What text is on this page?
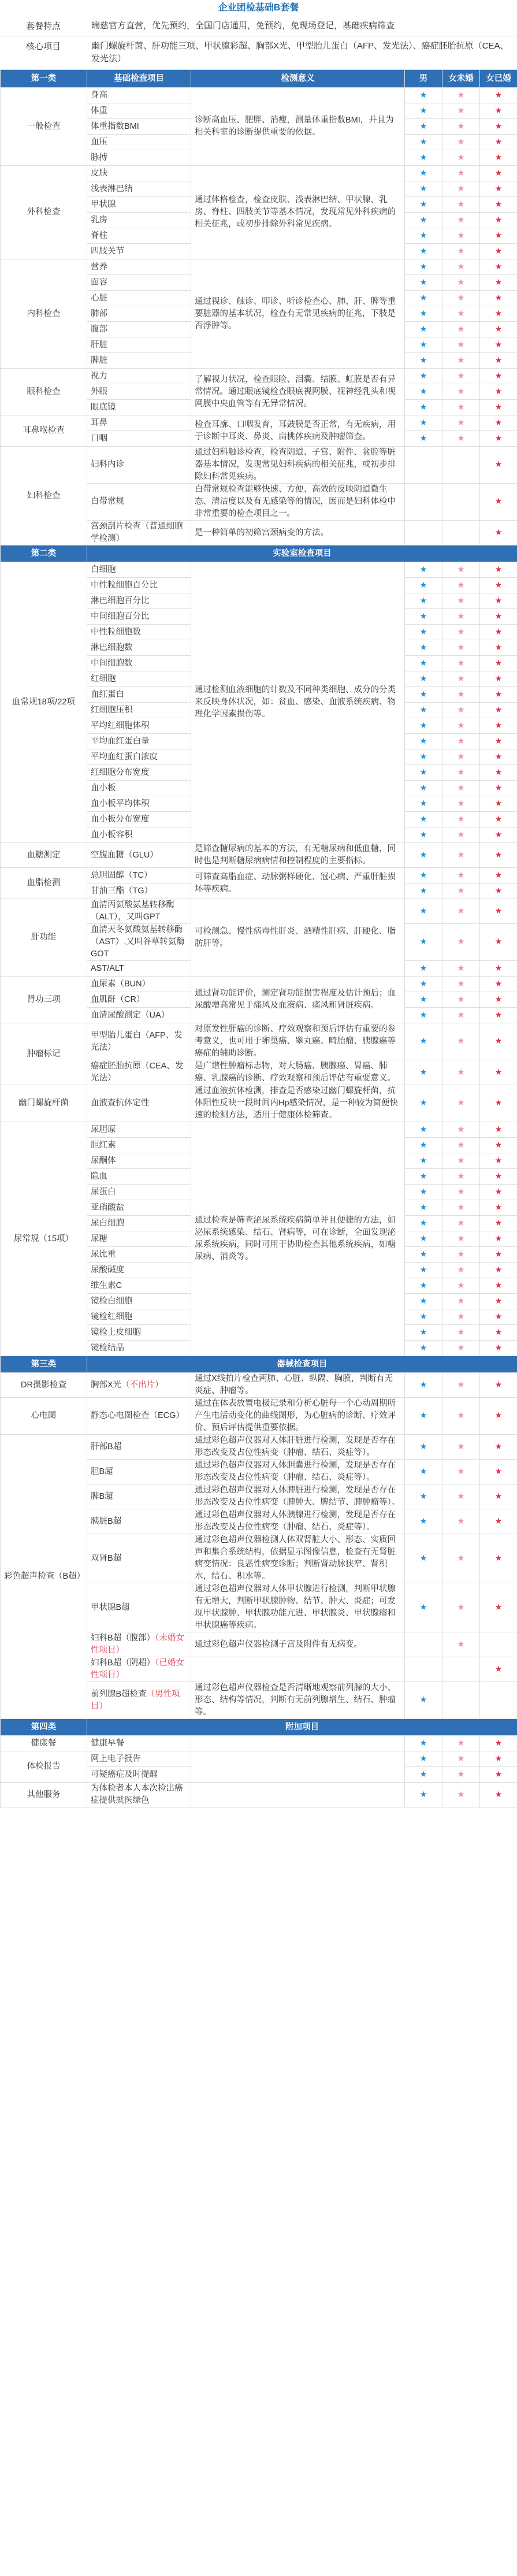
企业团检基础B套餐
套餐特点	瑞慈官方直营，优先预约，全国门店通用，免预约，免现场登记，基础疾病筛查
核心项目	幽门螺旋杆菌、肝功能三项、甲状腺彩超、胸部X光、甲型胎儿蛋白（AFP、发光法）、癌症胚胎抗原（CEA、发光法）
第一类	基础检查项目	检测意义	男	女未婚	女已婚
一般检查	身高	诊断高血压、肥胖、消瘦，测量体重指数BMI，并且为相关科室的诊断提供重要的依据。	★	★	★
	体重		★	★	★
	体重指数BMI		★	★	★
	血压		★	★	★
	脉搏		★	★	★
外科检查	皮肤	通过体格检查，检查皮肤、浅表淋巴结、甲状腺、乳房、脊柱、四肢关节等基本情况，发现常见外科疾病的相关征兆，或初步排除外科常见疾病。	★	★	★
	浅表淋巴结		★	★	★
	甲状腺		★	★	★
	乳房		★	★	★
	脊柱		★	★	★
	四肢关节		★	★	★
内科检查	营养	通过视诊、触诊、叩诊、听诊检查心、肺、肝、脾等重要脏器的基本状况，检查有无常见疾病的征兆，下肢是否浮肿等。	★	★	★
	面容		★	★	★
	心脏		★	★	★
	肺部		★	★	★
	腹部		★	★	★
	肝脏		★	★	★
	脾脏		★	★	★
眼科检查	视力	了解视力状况，检查眼睑、泪囊、结膜、虹膜是否有异常情况。通过眼底镜检查眼底视网膜、视神经乳头和视网膜中央血管等有无异常情况。	★	★	★
	外眼		★	★	★
	眼底镜		★	★	★
耳鼻喉检查	耳鼻	检查耳廓、口咽发育，耳鼓膜是否正常，有无疾病，用于诊断中耳炎、鼻炎、扁桃体疾病及肿瘤筛查。	★	★	★
	口咽		★	★	★
妇科检查	妇科内诊	通过妇科触诊检查，检查阴道、子宫、附件、盆腔等脏器基本情况，发现常见妇科疾病的相关征兆，或初步排除妇科常见疾病。			★
	白带常规	白带常规检查能够快速、方便、高效的反映阴道微生态、清洁度以及有无感染等的情况，因而是妇科体检中非常重要的检查项目之一。			★
	宫颈刮片检查（普通细胞学检测）	是一种简单的初筛宫颈病变的方法。			★
第二类	实验室检查项目				
血常规18项/22项	白细胞	通过检测血液细胞的计数及不同种类细胞、成分的分类来反映身体状况，如：贫血、感染、血液系统疾病、物理化学因素损伤等。	★	★	★
	中性粒细胞百分比		★	★	★
	淋巴细胞百分比		★	★	★
	中间细胞百分比		★	★	★
	中性粒细胞数		★	★	★
	淋巴细胞数		★	★	★
	中间细胞数		★	★	★
	红细胞		★	★	★
	血红蛋白		★	★	★
	红细胞压积		★	★	★
	平均红细胞体积		★	★	★
	平均血红蛋白量		★	★	★
	平均血红蛋白浓度		★	★	★
	红细胞分布宽度		★	★	★
	血小板		★	★	★
	血小板平均体积		★	★	★
	血小板分布宽度		★	★	★
	血小板容积		★	★	★
血糖测定	空腹血糖（GLU）	是筛查糖尿病的基本的方法，有无糖尿病和低血糖，同时也是判断糖尿病病情和控制程度的主要指标。	★	★	★
血脂检测	总胆固醇（TC）	可筛查高脂血症、动脉粥样硬化、冠心病、严重肝脏损坏等疾病。	★	★	★
	甘油三酯（TG）		★	★	★
肝功能	血清丙氨酸氨基转移酶（ALT），又叫GPT	可检测急、慢性病毒性肝炎、酒精性肝病、肝硬化、脂肪肝等。	★	★	★
	血清天冬氨酸氨基转移酶（AST）,又叫谷草转氨酶GOT		★	★	★
	AST/ALT		★	★	★
肾功三项	血尿素（BUN）	通过肾功能评价，测定肾功能损害程度及估计预后；血尿酸增高常见于痛风及血液病、痛风和肾脏疾病。	★	★	★
	血肌酐（CR）		★	★	★
	血清尿酸测定（UA）		★	★	★
肿瘤标记	甲型胎儿蛋白（AFP、发光法）	对原发性肝癌的诊断、疗效观察和预后评估有重要的参考意义，也可用于卵巢癌、睾丸癌、畸胎瘤、胰腺癌等癌症的辅助诊断。	★	★	★
	癌症胚胎抗原（CEA、发光法）	是广谱性肿瘤标志物，对大肠癌、胰腺癌、胃癌、肺癌、乳腺癌的诊断、疗效观察和预后评估有重要意义。	★	★	★
幽门螺旋杆菌	血液查抗体定性	通过血液抗体检测，排查是否感染过幽门螺旋杆菌，抗体阳性反映一段时间内Hp感染情况，是一种较为简便快速的检测方法，适用于健康体检筛查。	★	★	★
尿常规（15项）	尿胆原	通过检查是筛查泌尿系统疾病简单并且便捷的方法，如泌尿系统感染、结石、肾病等，可在诊断，全面发现泌尿系统疾病，同时可用于协助检查其他系统疾病，如糖尿病、消炎等。	★	★	★
	胆红素		★	★	★
	尿酮体		★	★	★
	隐血		★	★	★
	尿蛋白		★	★	★
	亚硝酸盐		★	★	★
	尿白细胞		★	★	★
	尿糖		★	★	★
	尿比重		★	★	★
	尿酸碱度		★	★	★
	维生素C		★	★	★
	镜检白细胞		★	★	★
	镜检红细胞		★	★	★
	镜检上皮细胞		★	★	★
	镜检结晶		★	★	★
第三类	器械检查项目				
DR摄影检查	胸部X光（不出片）	通过X线拍片检查两肺、心脏、纵隔、胸膜，判断有无炎症、肿瘤等。	★	★	★
心电图	静态心电图检查（ECG）	通过在体表放置电极记录和分析心脏每一个心动周期所产生电活动变化的曲线图形，为心脏病的诊断、疗效评价、预后评估提供重要依据。	★	★	★
彩色超声检查（B超）	肝部B超	通过彩色超声仪器对人体肝脏进行检测，发现是否存在形态改变及占位性病变（肿瘤、结石、炎症等）。	★	★	★
	胆B超	通过彩色超声仪器对人体胆囊进行检测，发现是否存在形态改变及占位性病变（肿瘤、结石、炎症等）。	★	★	★
	脾B超	通过彩色超声仪器对人体脾脏进行检测，发现是否存在形态改变及占位性病变（脾肿大、脾结节、脾肿瘤等）。	★	★	★
	胰脏B超	通过彩色超声仪器对人体胰腺进行检测，发现是否存在形态改变及占位性病变（肿瘤、结石、炎症等）。	★	★	★
	双肾B超	通过彩色超声仪器检测人体双肾脏大小、形态、实质回声和集合系统结构，依据显示图像信息，检查有无肾脏病变情况：良恶性病变诊断；判断肾动脉狭窄、肾积水，结石、积水等。	★	★	★
	甲状腺B超	通过彩色超声仪器对人体甲状腺进行检测，判断甲状腺有无增大，判断甲状腺肿物、结节、肿大、炎症；可发现甲状腺肿、甲状腺功能亢进、甲状腺炎、甲状腺瘤和甲状腺癌等疾病。	★	★	★
	妇科B超（腹部）（未婚女性项目）	通过彩色超声仪器检测子宫及附件有无病变。		★	
	妇科B超（阴超）（已婚女性项目）				★
	前列腺B超检查（男性项目）	通过彩色超声仪器检查是否清晰地观察前列腺的大小、形态、结构等情况，判断有无前列腺增生、结石、肿瘤等。	★		
第四类	附加项目				
健康餐	健康早餐		★	★	★
体检报告	网上电子报告		★	★	★
	可疑癌症及时提醒		★	★	★
其他服务	为体检者本人本次检出癌症提供就医绿色		★	★	★
